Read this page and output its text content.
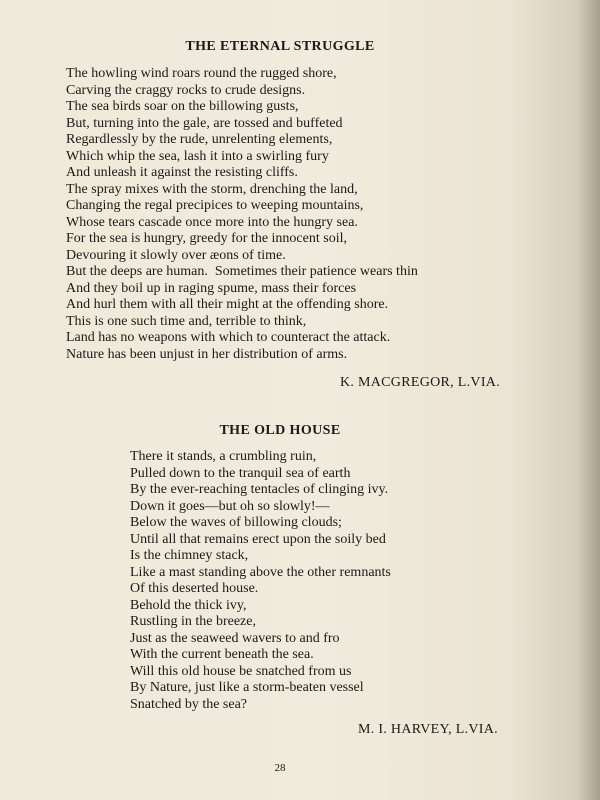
THE ETERNAL STRUGGLE
The howling wind roars round the rugged shore,
Carving the craggy rocks to crude designs.
The sea birds soar on the billowing gusts,
But, turning into the gale, are tossed and buffeted
Regardlessly by the rude, unrelenting elements,
Which whip the sea, lash it into a swirling fury
And unleash it against the resisting cliffs.
The spray mixes with the storm, drenching the land,
Changing the regal precipices to weeping mountains,
Whose tears cascade once more into the hungry sea.
For the sea is hungry, greedy for the innocent soil,
Devouring it slowly over æons of time.
But the deeps are human.  Sometimes their patience wears thin
And they boil up in raging spume, mass their forces
And hurl them with all their might at the offending shore.
This is one such time and, terrible to think,
Land has no weapons with which to counteract the attack.
Nature has been unjust in her distribution of arms.
K. MACGREGOR, L.VIA.
THE OLD HOUSE
There it stands, a crumbling ruin,
Pulled down to the tranquil sea of earth
By the ever-reaching tentacles of clinging ivy.
Down it goes—but oh so slowly!—
Below the waves of billowing clouds;
Until all that remains erect upon the soily bed
Is the chimney stack,
Like a mast standing above the other remnants
Of this deserted house.
Behold the thick ivy,
Rustling in the breeze,
Just as the seaweed wavers to and fro
With the current beneath the sea.
Will this old house be snatched from us
By Nature, just like a storm-beaten vessel
Snatched by the sea?
M. I. HARVEY, L.VIA.
28
